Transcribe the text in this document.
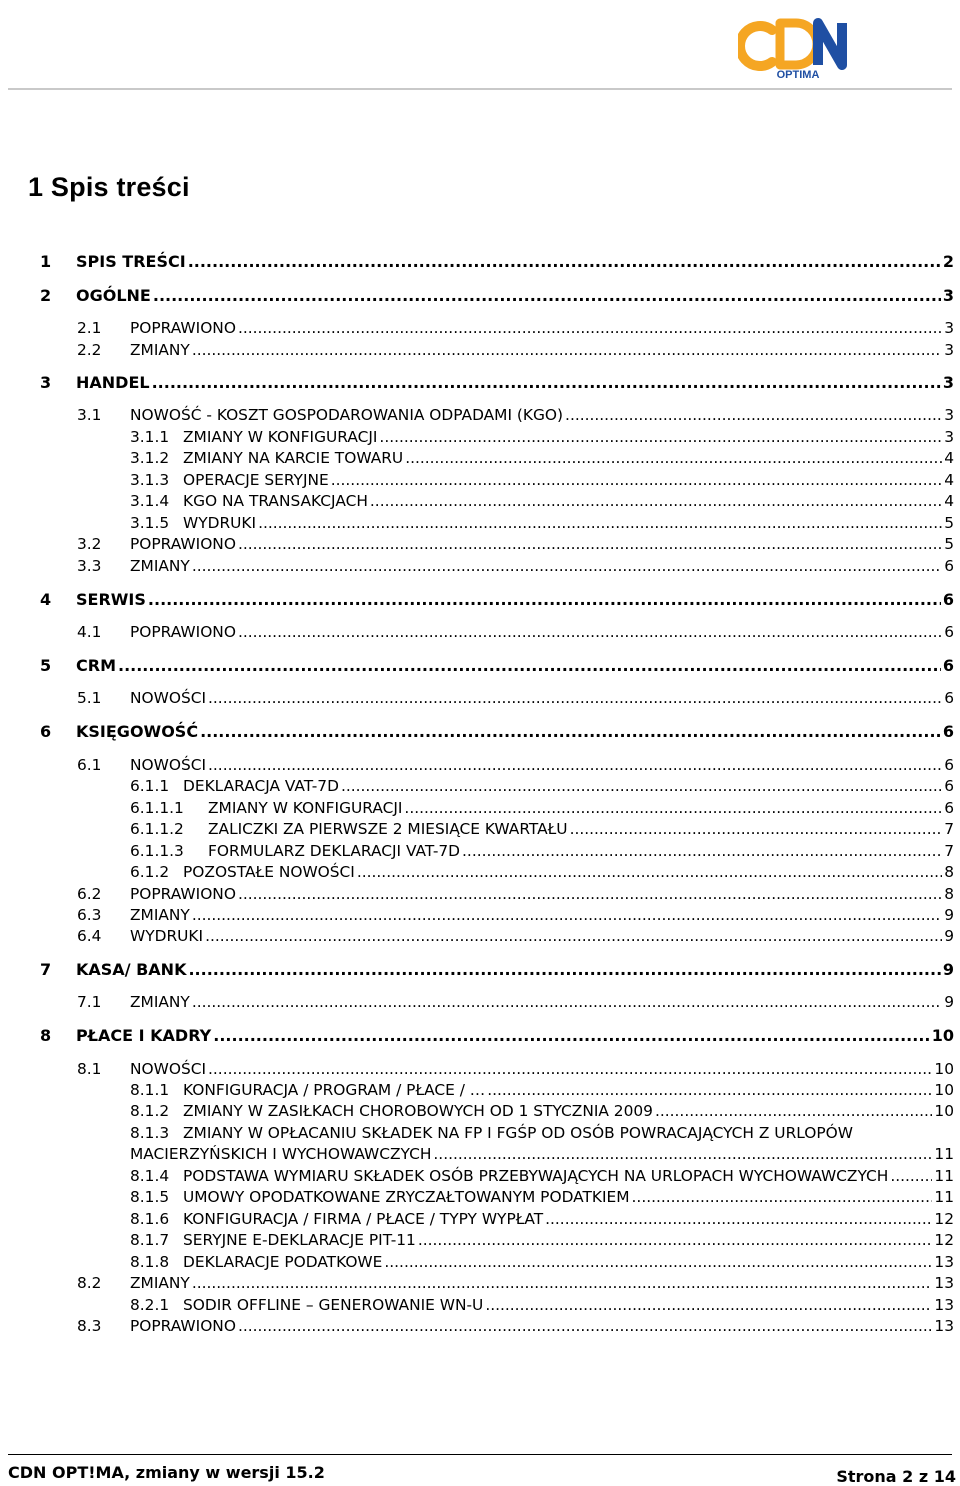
OPTIMA
1 Spis treści
1	SPIS TREŚCI .....	2
2	OGÓLNE .....	3
2.1	POPRAWIONO .....	3
2.2	ZMIANY .....	3
3	HANDEL .....	3
3.1	NOWOŚĆ - KOSZT GOSPODAROWANIA ODPADAMI (KGO) .....	3
3.1.1 ZMIANY W KONFIGURACJI .....	3
3.1.2 ZMIANY NA KARCIE TOWARU .....	4
3.1.3 OPERACJE SERYJNE .....	4
3.1.4 KGO NA TRANSAKCJACH .....	4
3.1.5 WYDRUKI .....	5
3.2	POPRAWIONO .....	5
3.3	ZMIANY .....	6
4	SERWIS .....	6
4.1	POPRAWIONO .....	6
5	CRM .....	6
5.1	NOWOŚCI .....	6
6	KSIĘGOWOŚĆ .....	6
6.1	NOWOŚCI .....	6
6.1.1 DEKLARACJA VAT-7D .....	6
6.1.1.1	ZMIANY W KONFIGURACJI .....	6
6.1.1.2	ZALICZKI ZA PIERWSZE 2 MIESIĄCE KWARTAŁU .....	7
6.1.1.3	FORMULARZ DEKLARACJI VAT-7D .....	7
6.1.2 POZOSTAŁE NOWOŚCI .....	8
6.2	POPRAWIONO .....	8
6.3	ZMIANY .....	9
6.4	WYDRUKI .....	9
7	KASA/ BANK .....	9
7.1	ZMIANY .....	9
8	PŁACE I KADRY .....	10
8.1	NOWOŚCI .....	10
8.1.1 KONFIGURACJA / PROGRAM / PŁACE / … .....	10
8.1.2 ZMIANY W ZASIŁKACH CHOROBOWYCH OD 1 STYCZNIA 2009 .....	10
8.1.3 ZMIANY W OPŁACANIU SKŁADEK NA FP I FGŚP OD OSÓB POWRACAJĄCYCH Z URLOPÓW
MACIERZYŃSKICH I WYCHOWAWCZYCH .....	11
8.1.4 PODSTAWA WYMIARU SKŁADEK OSÓB PRZEBYWAJĄCYCH NA URLOPACH WYCHOWAWCZYCH .....	11
8.1.5 UMOWY OPODATKOWANE ZRYCZAŁTOWANYM PODATKIEM .....	11
8.1.6 KONFIGURACJA / FIRMA / PŁACE / TYPY WYPŁAT .....	12
8.1.7 SERYJNE E-DEKLARACJE PIT-11 .....	12
8.1.8 DEKLARACJE PODATKOWE .....	13
8.2	ZMIANY .....	13
8.2.1 SODIR OFFLINE – GENEROWANIE WN-U .....	13
8.3	POPRAWIONO .....	13
CDN OPT!MA, zmiany w wersji 15.2	Strona 2 z 14
